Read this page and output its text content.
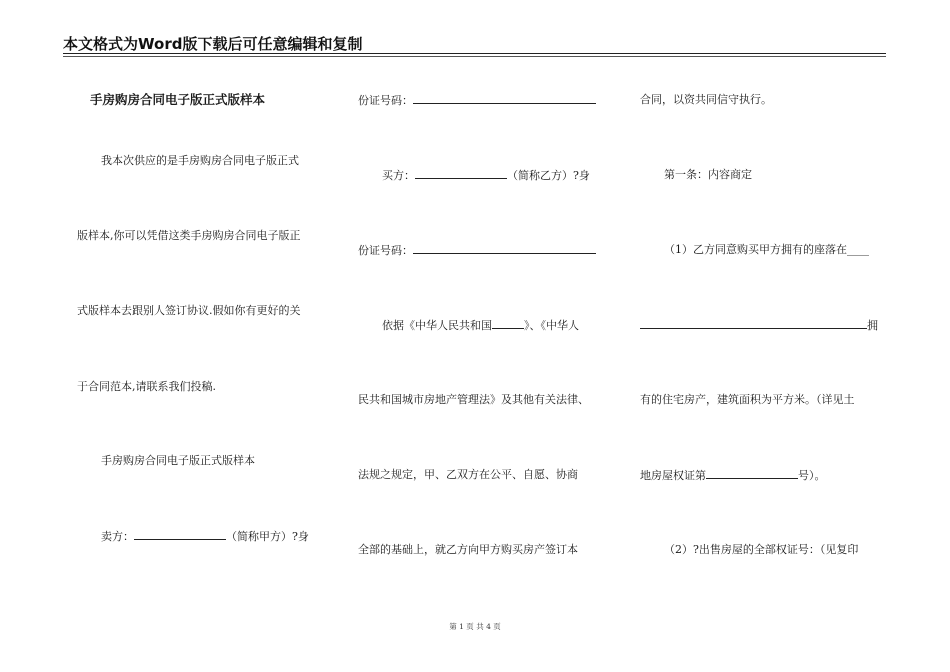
本文格式为Word版下载后可任意编辑和复制
手房购房合同电子版正式版样本
我本次供应的是手房购房合同电子版正式
版样本,你可以凭借这类手房购房合同电子版正
式版样本去跟别人签订协议.假如你有更好的关
于合同范本,请联系我们投稿.
手房购房合同电子版正式版样本
卖方：	（简称甲方）?身
份证号码：
买方：	（简称乙方）?身
份证号码：
依据《中华人民共和国	》、《中华人
民共和国城市房地产管理法》及其他有关法律、
法规之规定，甲、乙双方在公平、自愿、协商
全部的基础上，就乙方向甲方购买房产签订本
合同，以资共同信守执行。
第一条：内容商定
（1）乙方同意购买甲方拥有的座落在____
拥
有的住宅房产，建筑面积为平方米。（详见土
地房屋权证第	号）。
（2）?出售房屋的全部权证号：（见复印
第 1 页 共 4 页
